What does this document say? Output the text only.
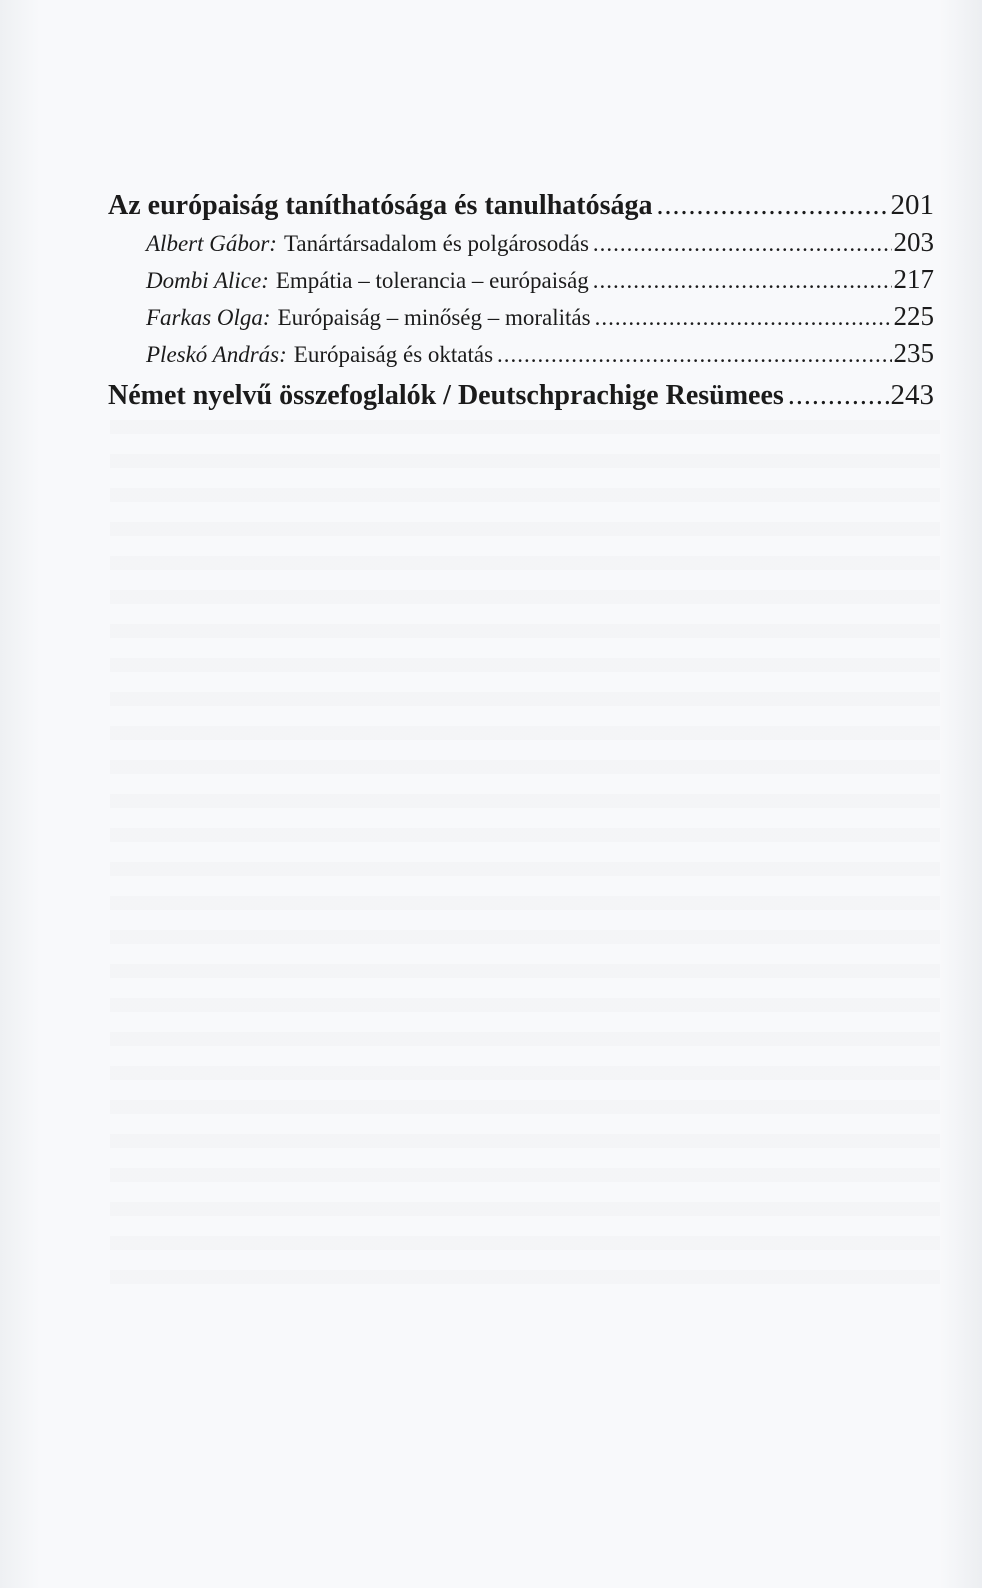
Az európaiság taníthatósága és tanulhatósága .....	201
Albert Gábor: Tanártársadalom és polgárosodás .....	203
Dombi Alice: Empátia – tolerancia – európaiság .....	217
Farkas Olga: Európaiság – minőség – moralitás .....	225
Pleskó András: Európaiság és oktatás .....	235
Német nyelvű összefoglalók / Deutschprachige Resümees .....	243
